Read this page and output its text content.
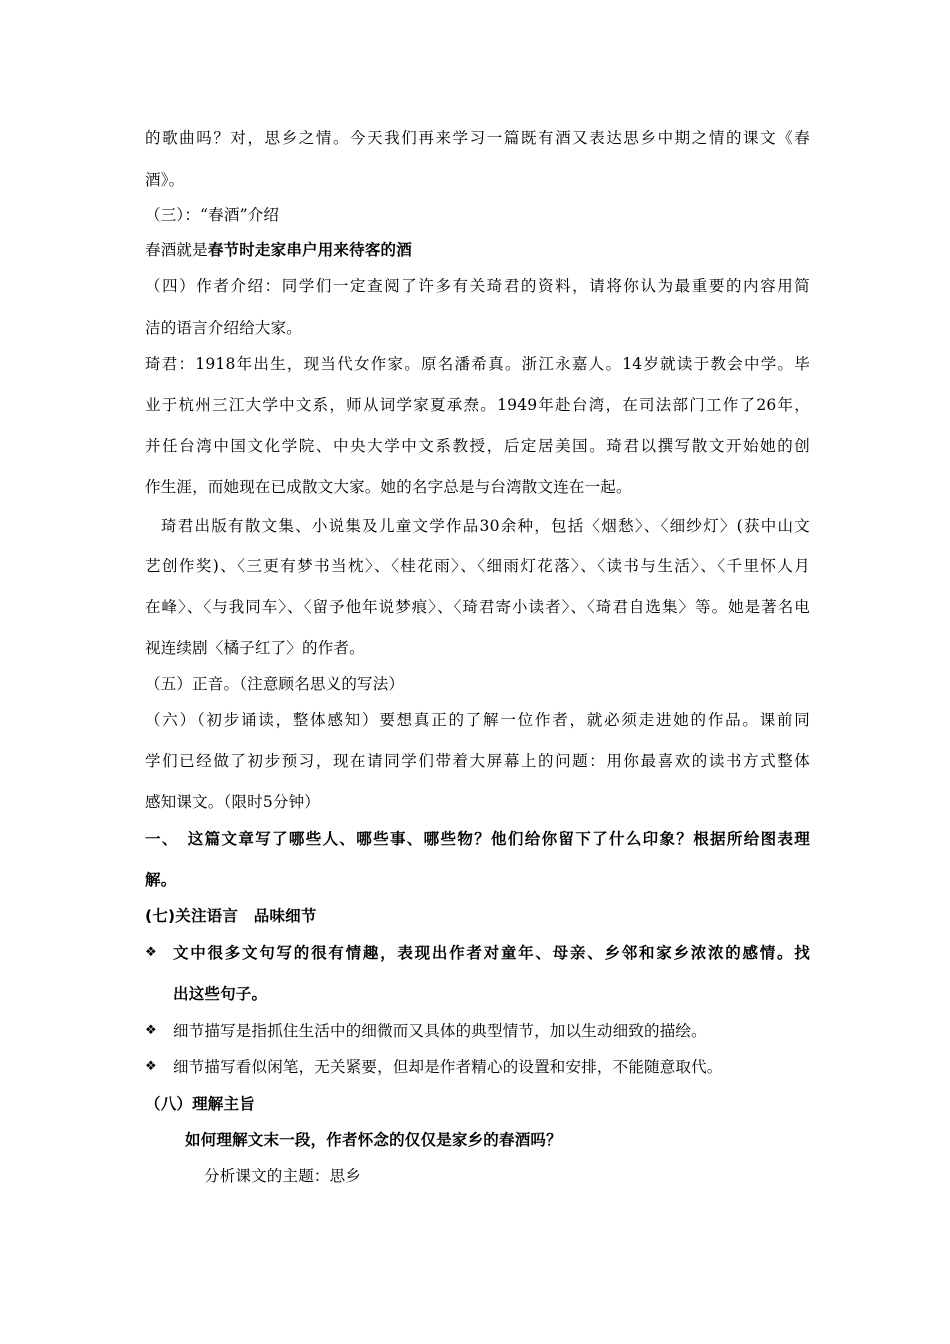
的歌曲吗？对，思乡之情。今天我们再来学习一篇既有酒又表达思乡中期之情的课文《春
酒》。
（三）：“春酒”介绍
春酒就是春节时走家串户用来待客的酒
（四）作者介绍：同学们一定查阅了许多有关琦君的资料，请将你认为最重要的内容用简
洁的语言介绍给大家。
琦君：1918年出生，现当代女作家。原名潘希真。浙江永嘉人。14岁就读于教会中学。毕
业于杭州三江大学中文系，师从词学家夏承焘。1949年赴台湾，在司法部门工作了26年，
并任台湾中国文化学院、中央大学中文系教授，后定居美国。琦君以撰写散文开始她的创
作生涯，而她现在已成散文大家。她的名字总是与台湾散文连在一起。
琦君出版有散文集、小说集及儿童文学作品30余种，包括〈烟愁〉、〈细纱灯〉(获中山文
艺创作奖)、〈三更有梦书当枕〉、〈桂花雨〉、〈细雨灯花落〉、〈读书与生活〉、〈千里怀人月
在峰〉、〈与我同车〉、〈留予他年说梦痕〉、〈琦君寄小读者〉、〈琦君自选集〉等。她是著名电
视连续剧〈橘子红了〉的作者。
（五）正音。（注意顾名思义的写法）
（六）（初步诵读，整体感知）要想真正的了解一位作者，就必须走进她的作品。课前同
学们已经做了初步预习，现在请同学们带着大屏幕上的问题：用你最喜欢的读书方式整体
感知课文。（限时5分钟）
一、　这篇文章写了哪些人、哪些事、哪些物？他们给你留下了什么印象？根据所给图表理
解。
(七)关注语言　品味细节
❖ 文中很多文句写的很有情趣，表现出作者对童年、母亲、乡邻和家乡浓浓的感情。找
出这些句子。
❖ 细节描写是指抓住生活中的细微而又具体的典型情节，加以生动细致的描绘。
❖ 细节描写看似闲笔，无关紧要，但却是作者精心的设置和安排，不能随意取代。
（八）理解主旨
如何理解文末一段，作者怀念的仅仅是家乡的春酒吗？
分析课文的主题：思乡
